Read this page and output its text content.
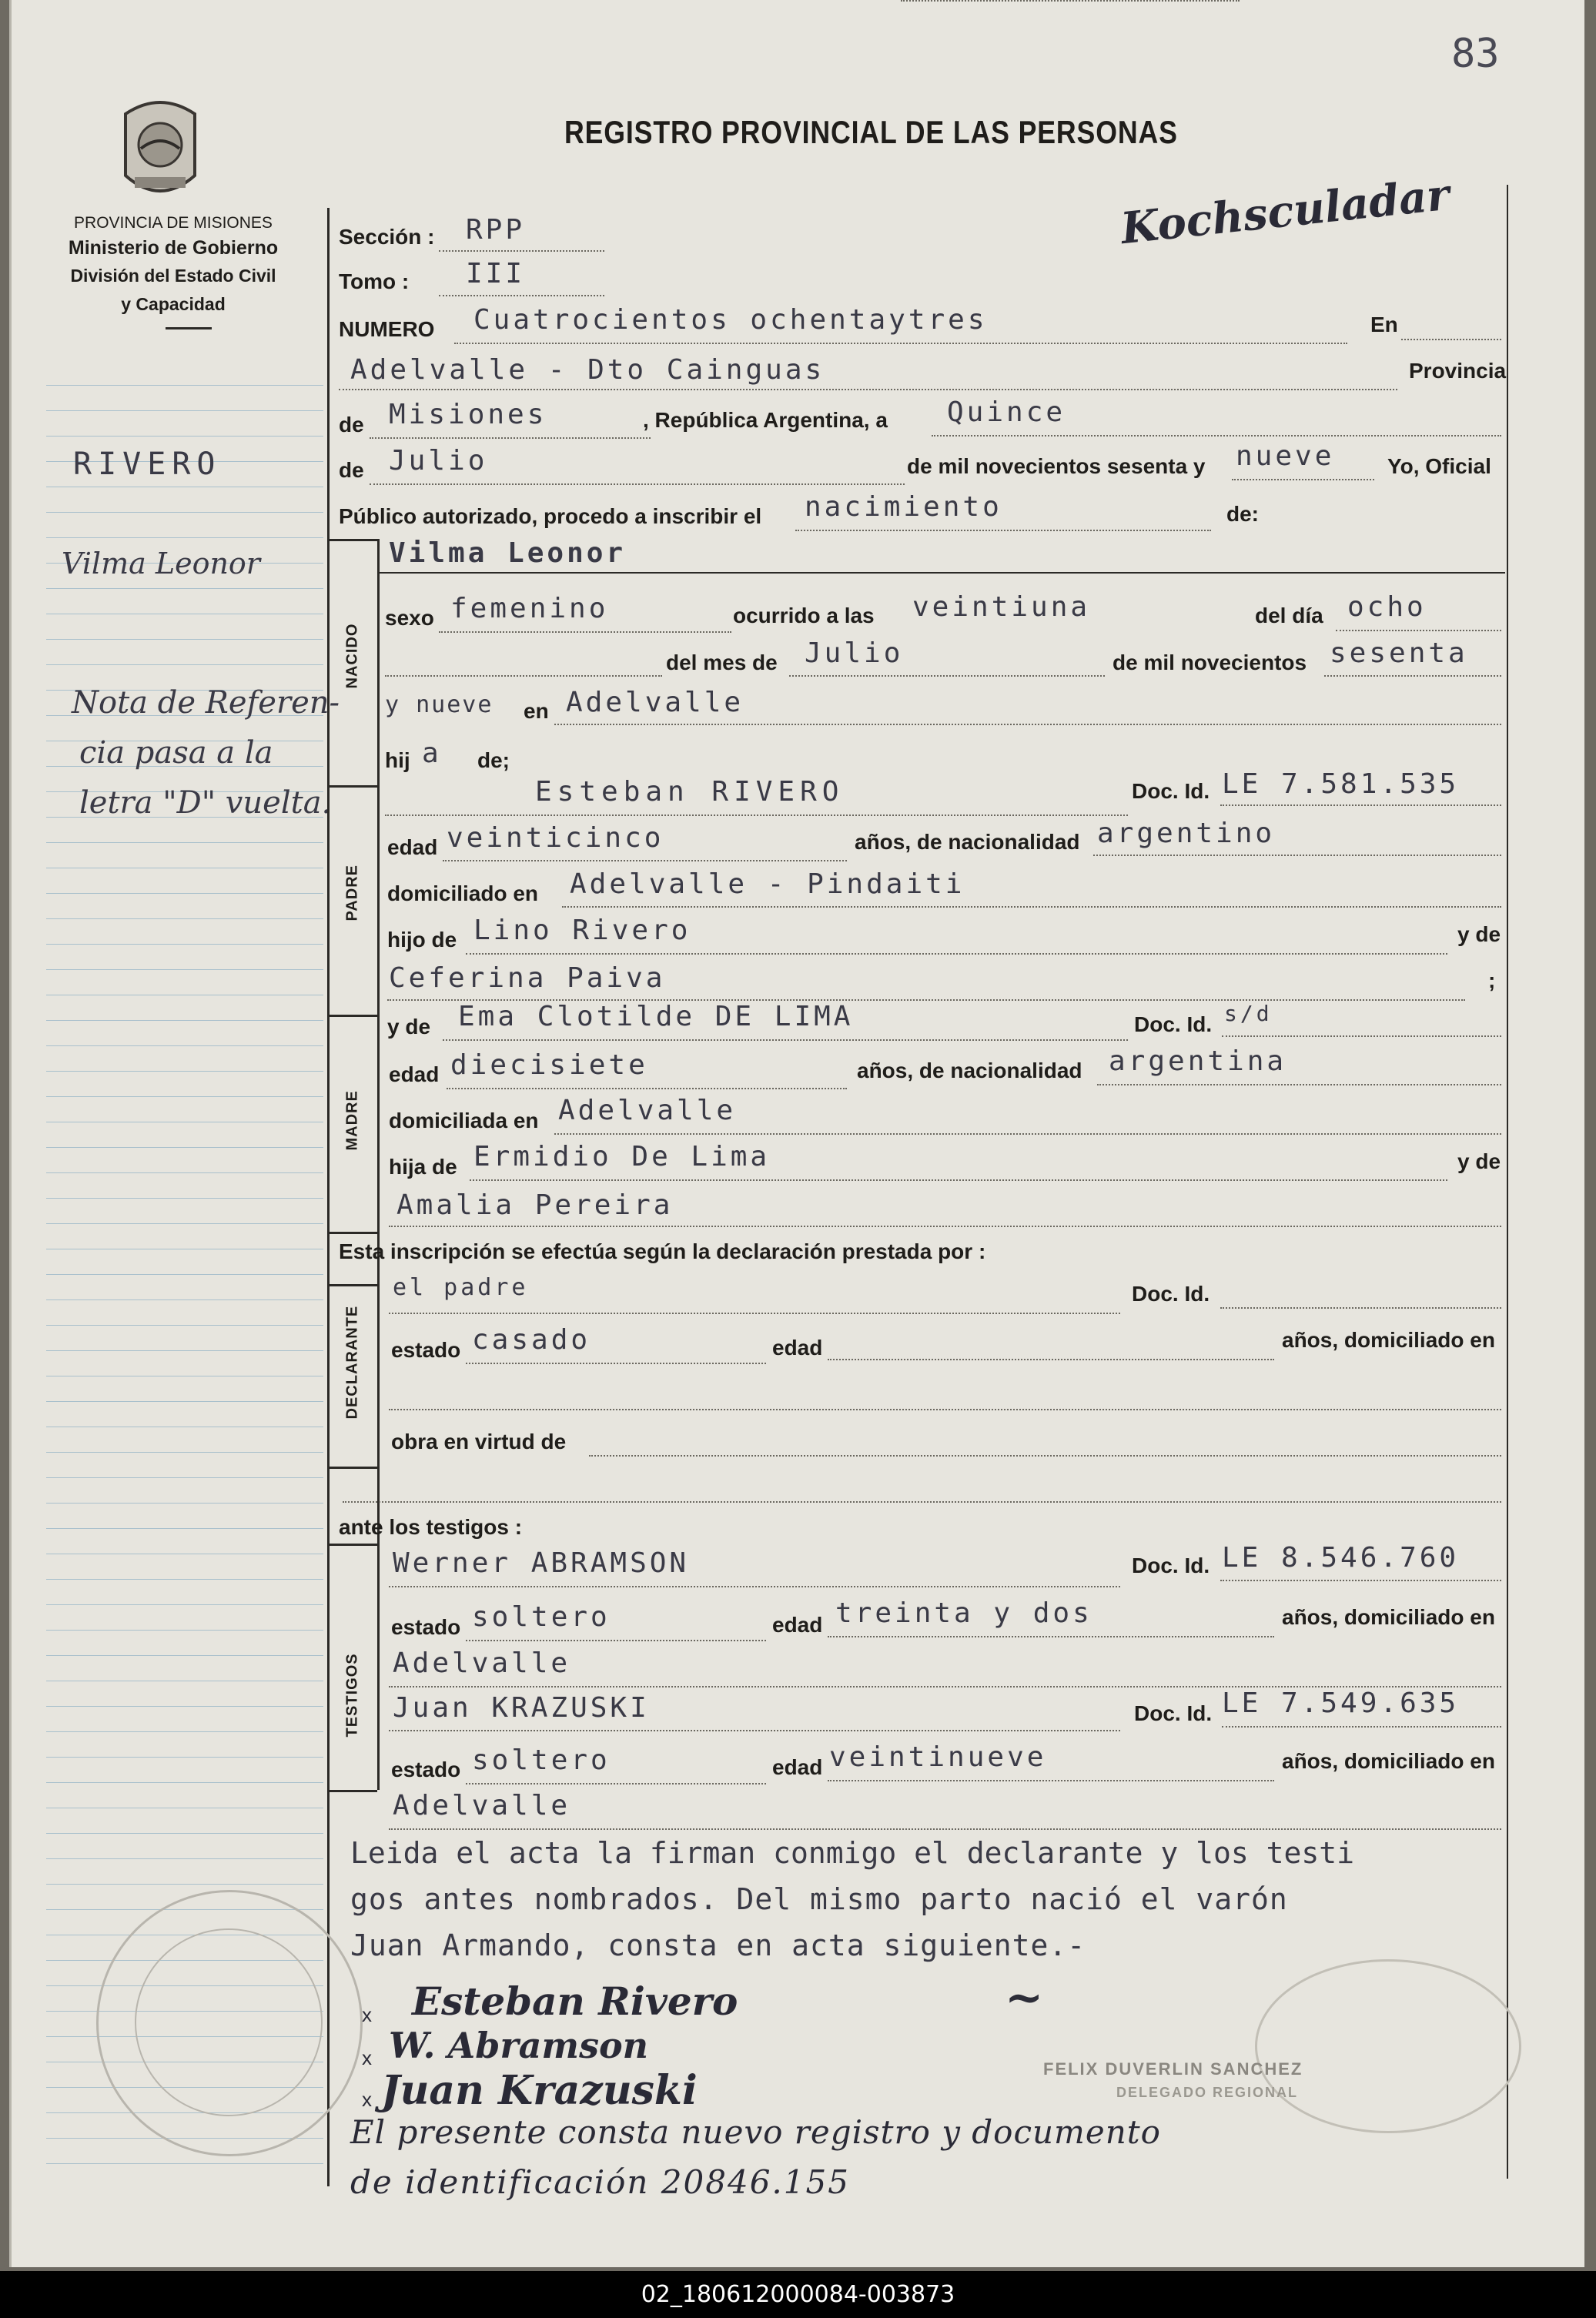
83
PROVINCIA DE MISIONES
Ministerio de Gobierno
División del Estado Civil
y Capacidad
REGISTRO PROVINCIAL DE LAS PERSONAS
Kochsculadar
RIVERO
Vilma Leonor
Nota de Referen-
cia pasa a la
letra "D" vuelta.
NACIDO
PADRE
MADRE
DECLARANTE
TESTIGOS
Sección : RPP
Tomo : III
NUMERO Cuatrocientos ochentaytres	En
Adelvalle - Dto Cainguas	Provincia
de Misiones	, República Argentina, a Quince
de Julio	de mil novecientos sesenta y nueve Yo, Oficial
Público autorizado, procedo a inscribir el nacimiento	de:
Vilma Leonor
sexo femenino	ocurrido a las veintiuna	del día ocho
del mes de Julio	de mil novecientos sesenta
y nueve en Adelvalle
hij a de;
Esteban RIVERO	Doc. Id. LE 7.581.535
edad veinticinco	años, de nacionalidad argentino
domiciliado en Adelvalle - Pindaiti
hijo de Lino Rivero	y de
Ceferina Paiva	;
y de Ema Clotilde DE LIMA	Doc. Id. s/d
edad diecisiete	años, de nacionalidad argentina
domiciliada en Adelvalle
hija de Ermidio De Lima	y de
Amalia Pereira
Esta inscripción se efectúa según la declaración prestada por :
el padre	Doc. Id.
estado casado	edad	años, domiciliado en
obra en virtud de
ante los testigos :
Werner ABRAMSON	Doc. Id. LE 8.546.760
estado soltero	edad treinta y dos	años, domiciliado en
Adelvalle
Juan KRAZUSKI	Doc. Id. LE 7.549.635
estado soltero	edad veintinueve	años, domiciliado en
Adelvalle
Leida el acta la firman conmigo el declarante y los testi
gos antes nombrados. Del mismo parto nació el varón
Juan Armando, consta en acta siguiente.-
x
x
x
Esteban Rivero
W. Abramson
Juan Krazuski
~
FELIX DUVERLIN SANCHEZ
DELEGADO REGIONAL
El presente consta nuevo registro y documento
de identificación 20846.155
02_180612000084-003873
